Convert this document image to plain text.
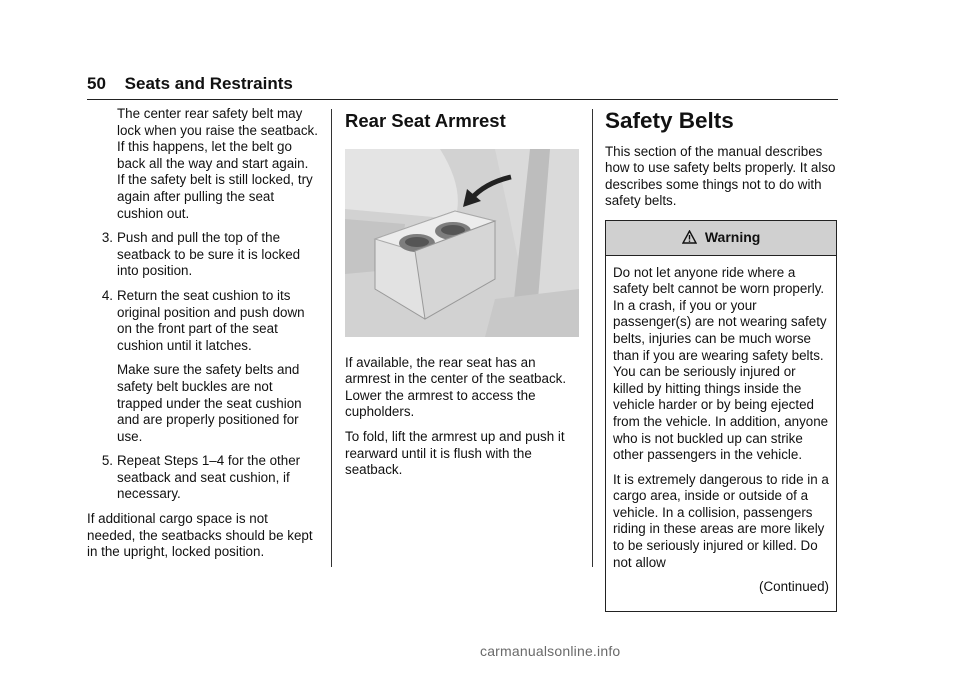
50 Seats and Restraints

The center rear safety belt may lock when you raise the seatback. If this happens, let the belt go back all the way and start again. If the safety belt is still locked, try again after pulling the seat cushion out.

3. Push and pull the top of the seatback to be sure it is locked into position.
4. Return the seat cushion to its original position and push down on the front part of the seat cushion until it latches.

Make sure the safety belts and safety belt buckles are not trapped under the seat cushion and are properly positioned for use.

5. Repeat Steps 1–4 for the other seatback and seat cushion, if necessary.

If additional cargo space is not needed, the seatbacks should be kept in the upright, locked position.

Rear Seat Armrest

If available, the rear seat has an armrest in the center of the seatback. Lower the armrest to access the cupholders.

To fold, lift the armrest up and push it rearward until it is flush with the seatback.

Safety Belts

This section of the manual describes how to use safety belts properly. It also describes some things not to do with safety belts.

Warning

Do not let anyone ride where a safety belt cannot be worn properly. In a crash, if you or your passenger(s) are not wearing safety belts, injuries can be much worse than if you are wearing safety belts. You can be seriously injured or killed by hitting things inside the vehicle harder or by being ejected from the vehicle. In addition, anyone who is not buckled up can strike other passengers in the vehicle.

It is extremely dangerous to ride in a cargo area, inside or outside of a vehicle. In a collision, passengers riding in these areas are more likely to be seriously injured or killed. Do not allow

(Continued)

carmanualsonline.info
